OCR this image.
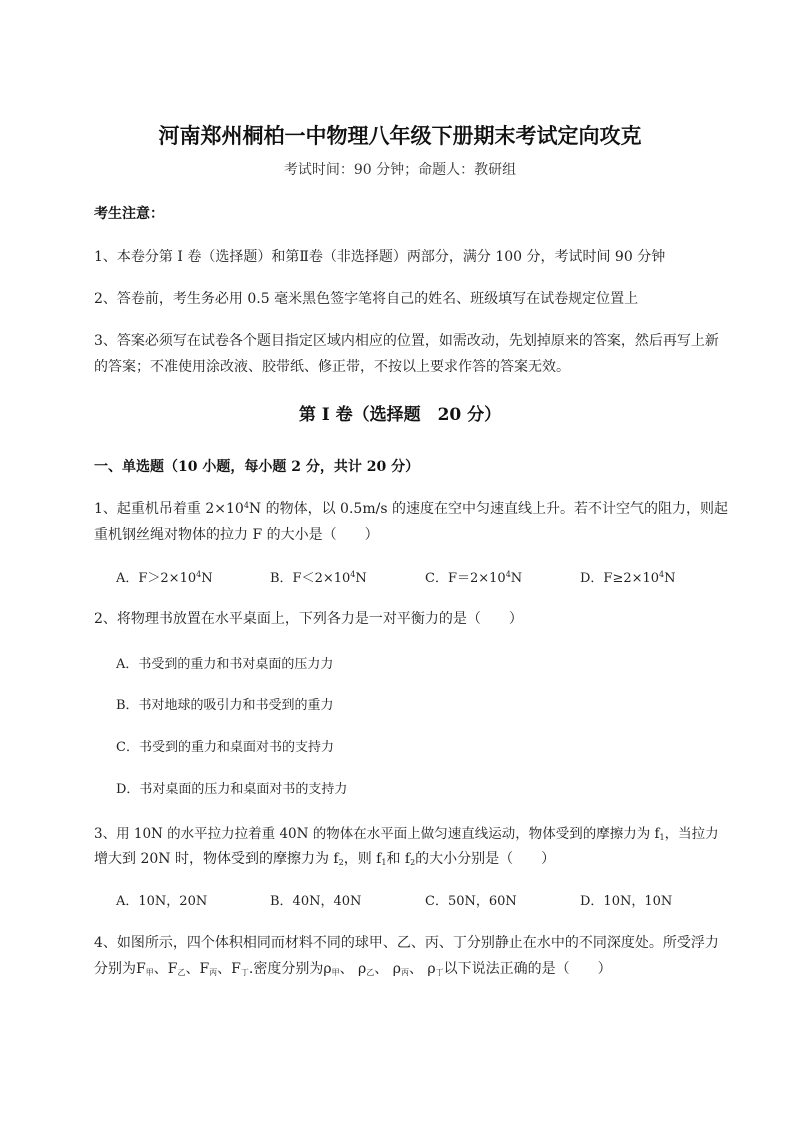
河南郑州桐柏一中物理八年级下册期末考试定向攻克
考试时间：90 分钟；命题人：教研组
考生注意：
1、本卷分第 I 卷（选择题）和第Ⅱ卷（非选择题）两部分，满分 100 分，考试时间 90 分钟
2、答卷前，考生务必用 0.5 毫米黑色签字笔将自己的姓名、班级填写在试卷规定位置上
3、答案必须写在试卷各个题目指定区域内相应的位置，如需改动，先划掉原来的答案，然后再写上新
的答案；不准使用涂改液、胶带纸、修正带，不按以上要求作答的答案无效。
第 I 卷（选择题　20 分）
一、单选题（10 小题，每小题 2 分，共计 20 分）
1、起重机吊着重 $2\times 10^4N$ 的物体，以 0.5m/s 的速度在空中匀速直线上升。若不计空气的阻力，则起
重机钢丝绳对物体的拉力 F 的大小是（　　）
A．$F>2\times 10^4N$	B．$F<2\times 10^4N$	C．$F=2\times 10^4N$	D．$F\ge 2\times 10^4N$
2、将物理书放置在水平桌面上，下列各力是一对平衡力的是（　　）
A．书受到的重力和书对桌面的压力力
B．书对地球的吸引力和书受到的重力
C．书受到的重力和桌面对书的支持力
D．书对桌面的压力和桌面对书的支持力
3、用 10N 的水平拉力拉着重 40N 的物体在水平面上做匀速直线运动，物体受到的摩擦力为 $f_1$，当拉力
增大到 20N 时，物体受到的摩擦力为 $f_2$，则 $f_1$和 $f_2$的大小分别是（　　）
A．10N，20N	B．40N，40N	C．50N，60N	D．10N，10N
4、如图所示，四个体积相同而材料不同的球甲、乙、丙、丁分别静止在水中的不同深度处。所受浮力
分别为$F_甲$、$F_乙$、$F_丙$、$F_丁$.密度分别为$\rho_甲$、 $\rho_乙$、 $\rho_丙$、 $\rho_丁$以下说法正确的是（　　）
